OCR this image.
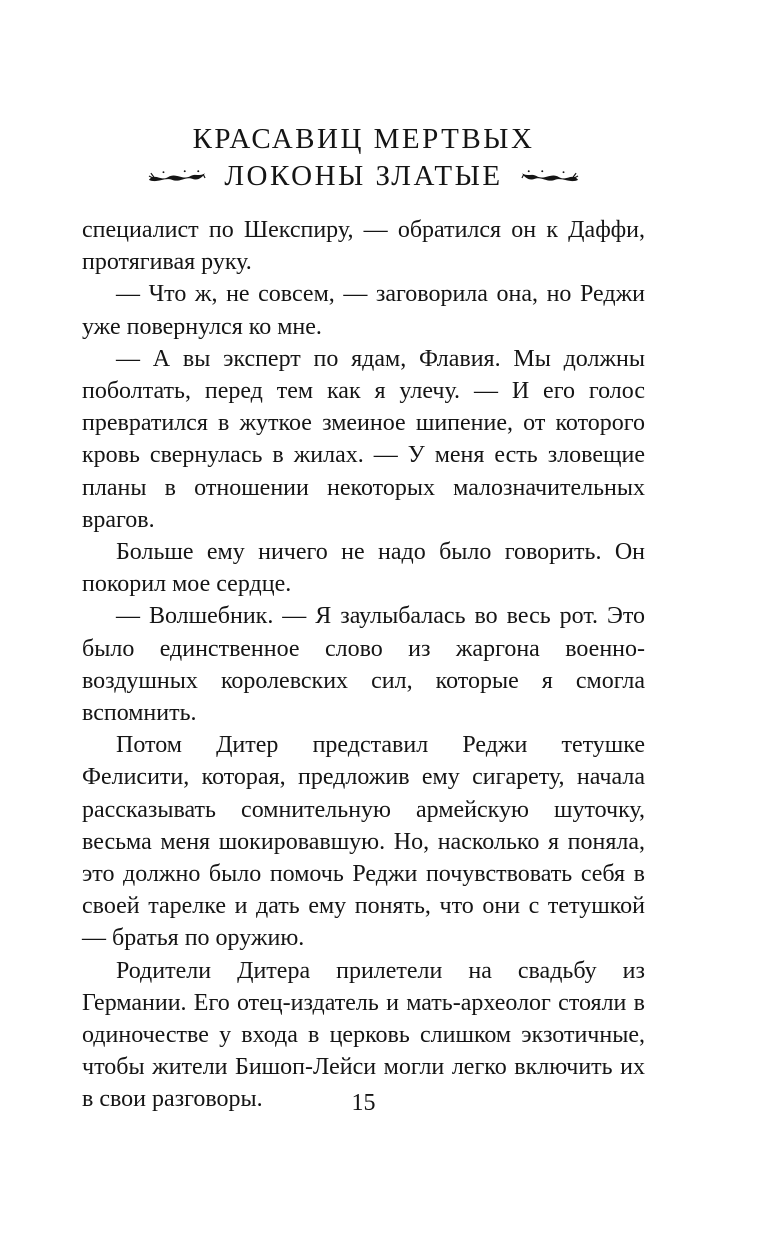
КРАСАВИЦ МЕРТВЫХ
ЛОКОНЫ ЗЛАТЫЕ

специалист по Шекспиру, — обратился он к Даффи, протягивая руку.

— Что ж, не совсем, — заговорила она, но Реджи уже повернулся ко мне.

— А вы эксперт по ядам, Флавия. Мы должны поболтать, перед тем как я улечу. — И его голос превратился в жуткое змеиное шипение, от которого кровь свернулась в жилах. — У меня есть зловещие планы в отношении некоторых малозначительных врагов.

Больше ему ничего не надо было говорить. Он покорил мое сердце.

— Волшебник. — Я заулыбалась во весь рот. Это было единственное слово из жаргона военно-воздушных королевских сил, которые я смогла вспомнить.

Потом Дитер представил Реджи тетушке Фелисити, которая, предложив ему сигарету, начала рассказывать сомнительную армейскую шуточку, весьма меня шокировавшую. Но, насколько я поняла, это должно было помочь Реджи почувствовать себя в своей тарелке и дать ему понять, что они с тетушкой — братья по оружию.

Родители Дитера прилетели на свадьбу из Германии. Его отец-издатель и мать-археолог стояли в одиночестве у входа в церковь слишком экзотичные, чтобы жители Бишоп-Лейси могли легко включить их в свои разговоры.	15
